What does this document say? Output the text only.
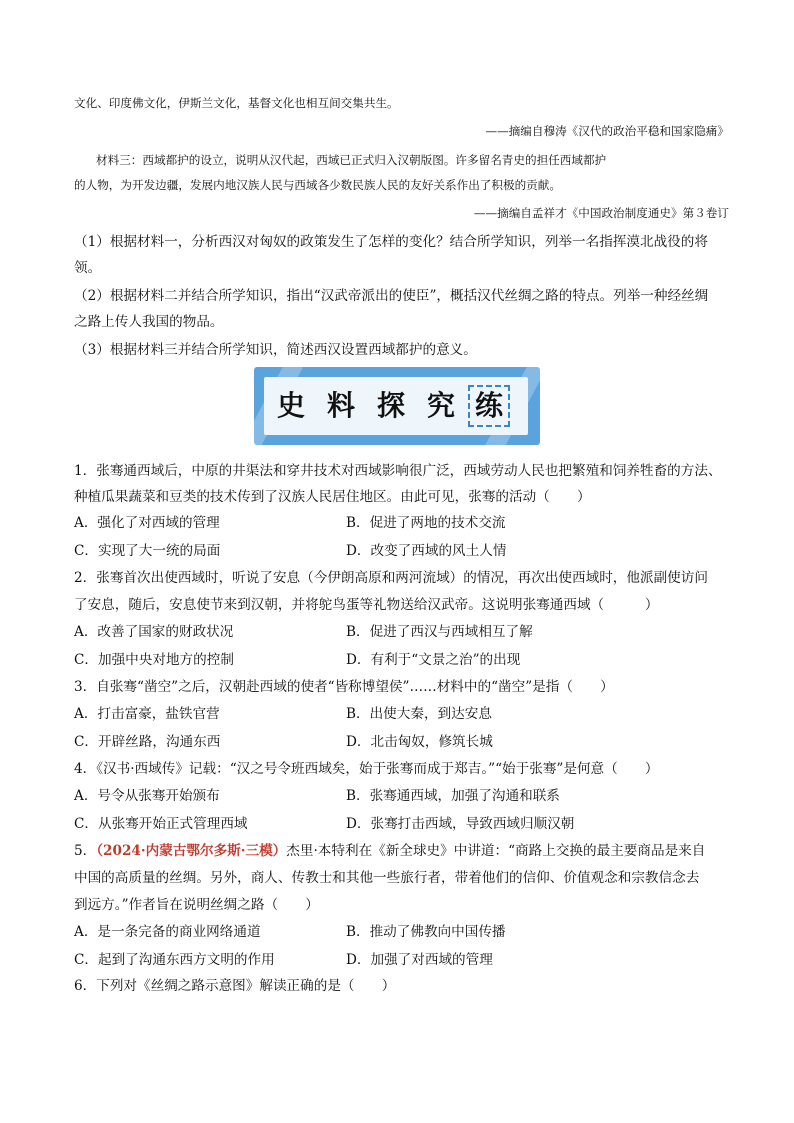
文化、印度佛文化，伊斯兰文化，基督文化也相互间交集共生。
——摘编自穆涛《汉代的政治平稳和国家隐痛》
材料三：西域都护的设立，说明从汉代起，西域已正式归入汉朝版图。许多留名青史的担任西域都护
的人物，为开发边疆，发展内地汉族人民与西域各少数民族人民的友好关系作出了积极的贡献。
——摘编自孟祥才《中国政治制度通史》第３卷订
（1）根据材料一，分析西汉对匈奴的政策发生了怎样的变化？结合所学知识，列举一名指挥漠北战役的将
领。
（2）根据材料二并结合所学知识，指出“汉武帝派出的使臣”，概括汉代丝绸之路的特点。列举一种经丝绸
之路上传人我国的物品。
（3）根据材料三并结合所学知识，简述西汉设置西域都护的意义。
史 料 探 究 练
1．张骞通西域后，中原的井渠法和穿井技术对西域影响很广泛，西域劳动人民也把繁殖和饲养牲畜的方法、
种植瓜果蔬菜和豆类的技术传到了汉族人民居住地区。由此可见，张骞的活动（　　）
A．强化了对西域的管理	B．促进了两地的技术交流
C．实现了大一统的局面	D．改变了西域的风土人情
2．张骞首次出使西域时，听说了安息（今伊朗高原和两河流域）的情况，再次出使西域时，他派副使访问
了安息，随后，安息使节来到汉朝，并将鸵鸟蛋等礼物送给汉武帝。这说明张骞通西域（　　　）
A．改善了国家的财政状况	B．促进了西汉与西域相互了解
C．加强中央对地方的控制	D．有利于“文景之治”的出现
3．自张骞“凿空”之后，汉朝赴西域的使者“皆称博望侯”……材料中的“凿空”是指（　　）
A．打击富豪，盐铁官营	B．出使大秦，到达安息
C．开辟丝路，沟通东西	D．北击匈奴，修筑长城
4．《汉书·西域传》记载：“汉之号令班西域矣，始于张骞而成于郑吉。”“始于张骞”是何意（　　）
A．号令从张骞开始颁布	B．张骞通西域，加强了沟通和联系
C．从张骞开始正式管理西域	D．张骞打击西域，导致西域归顺汉朝
5．（2024·内蒙古鄂尔多斯·三模）杰里·本特利在《新全球史》中讲道：“商路上交换的最主要商品是来自
中国的高质量的丝绸。另外，商人、传教士和其他一些旅行者，带着他们的信仰、价值观念和宗教信念去
到远方。”作者旨在说明丝绸之路（　　）
A．是一条完备的商业网络通道	B．推动了佛教向中国传播
C．起到了沟通东西方文明的作用	D．加强了对西域的管理
6．下列对《丝绸之路示意图》解读正确的是（　　）
